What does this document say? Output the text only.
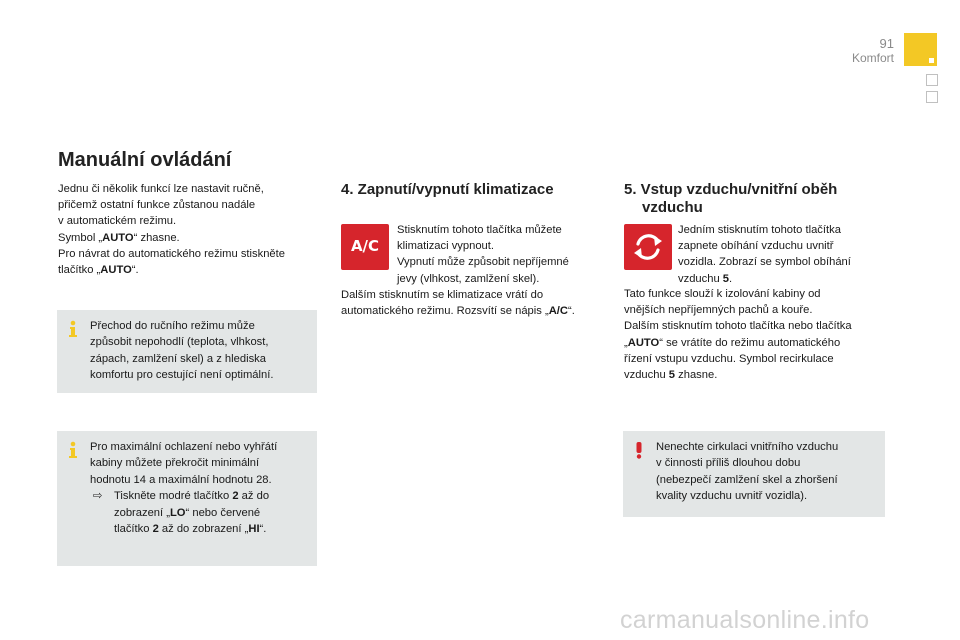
91
Komfort
Manuální ovládání
Jednu či několik funkcí lze nastavit ručně,
přičemž ostatní funkce zůstanou nadále
v automatickém režimu.
Symbol „AUTO“ zhasne.
Pro návrat do automatického režimu stiskněte
tlačítko „AUTO“.
Přechod do ručního režimu může
způsobit nepohodlí (teplota, vlhkost,
zápach, zamlžení skel) a z hlediska
komfortu pro cestující není optimální.
Pro maximální ochlazení nebo vyhřátí
kabiny můžete překročit minimální
hodnotu 14 a maximální hodnotu 28.
⇨ Tiskněte modré tlačítko 2 až do
zobrazení „LO“ nebo červené
tlačítko 2 až do zobrazení „HI“.
4. Zapnutí/vypnutí klimatizace
A/C
Stisknutím tohoto tlačítka můžete
klimatizaci vypnout.
Vypnutí může způsobit nepříjemné
jevy (vlhkost, zamlžení skel).
Dalším stisknutím se klimatizace vrátí do
automatického režimu. Rozsvítí se nápis „A/C“.
5. Vstup vzduchu/vnitřní oběh
vzduchu
Jedním stisknutím tohoto tlačítka
zapnete obíhání vzduchu uvnitř
vozidla. Zobrazí se symbol obíhání
vzduchu 5.
Tato funkce slouží k izolování kabiny od
vnějších nepříjemných pachů a kouře.
Dalším stisknutím tohoto tlačítka nebo tlačítka
„AUTO“ se vrátíte do režimu automatického
řízení vstupu vzduchu. Symbol recirkulace
vzduchu 5 zhasne.
Nenechte cirkulaci vnitřního vzduchu
v činnosti příliš dlouhou dobu
(nebezpečí zamlžení skel a zhoršení
kvality vzduchu uvnitř vozidla).
carmanualsonline.info
